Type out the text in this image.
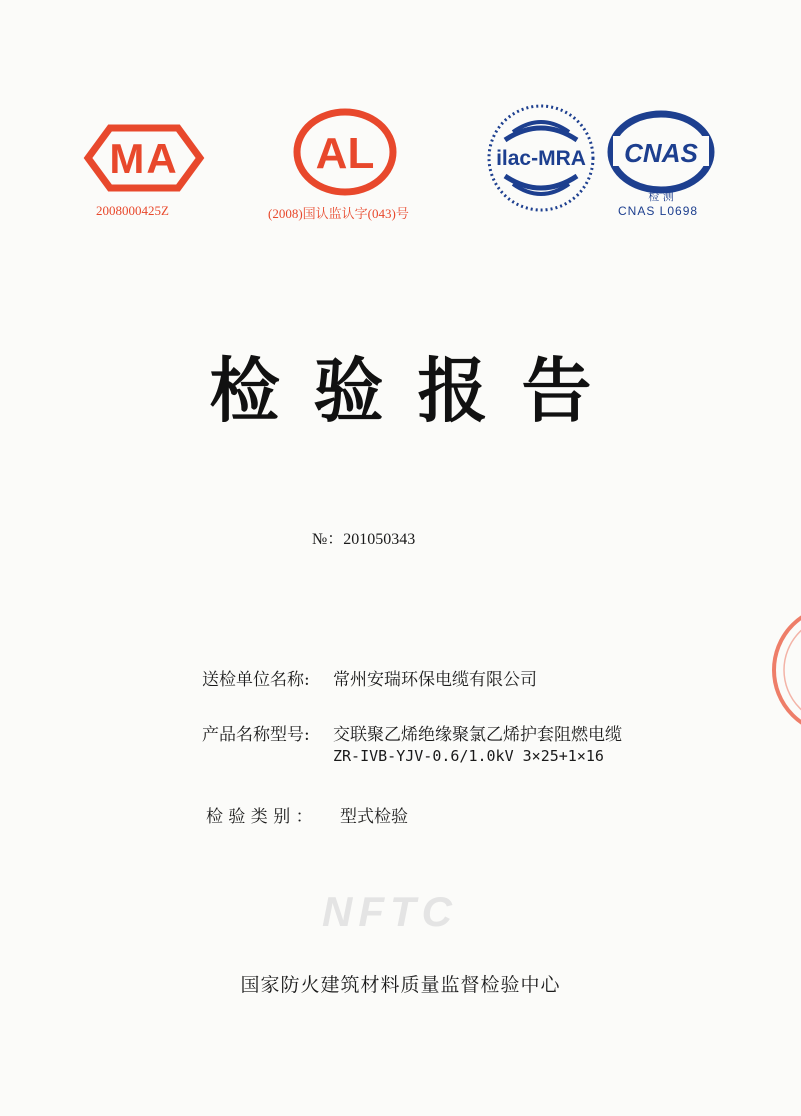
MA
2008000425Z
AL
(2008)国认监认字(043)号
ilac-MRA CNAS
检 测
CNAS L0698
检验报告
№：201050343
送检单位名称: 常州安瑞环保电缆有限公司
产品名称型号: 交联聚乙烯绝缘聚氯乙烯护套阻燃电缆
ZR-IVB-YJV-0.6/1.0kV 3×25+1×16
检 验 类 别 ： 型式检验
NFTC
国家防火建筑材料质量监督检验中心
